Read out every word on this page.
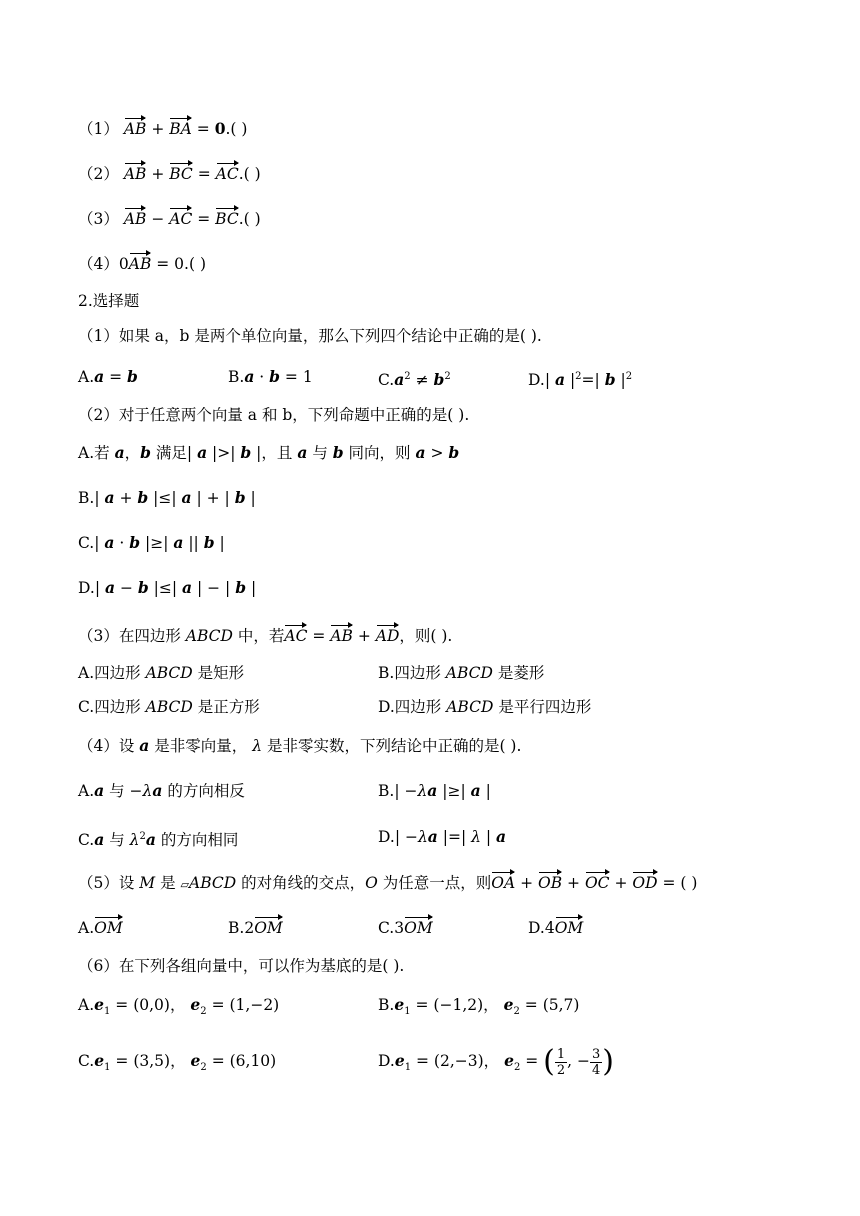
（1） AB + BA = 0.( )
（2） AB + BC = AC.( )
（3） AB − AC = BC.( )
（4）0AB = 0.( )
2.选择题
（1）如果 a，b 是两个单位向量，那么下列四个结论中正确的是( ).
A.a = b	B.a · b = 1	$C.a^2 \ne b^2$	D.| a $|^2=|$ b $|^2$
（2）对于任意两个向量 a 和 b，下列命题中正确的是( ).
A.若 a，b 满足| a |>| b |，且 a 与 b 同向，则 a > b
B.| a + b |≤| a | + | b |
C.| a · b |≥| a || b |
D.| a − b |≤| a | − | b |
（3）在四边形 ABCD 中，若AC = AB + AD，则( ).
A.四边形 ABCD 是矩形	B.四边形 ABCD 是菱形
C.四边形 ABCD 是正方形	D.四边形 ABCD 是平行四边形
（4）设 a 是非零向量， λ 是非零实数，下列结论中正确的是( ).
A.a 与 −λa 的方向相反	B.| −λa |≥| a |
C.a 与 $\lambda^2a$ 的方向相同	D.| −λa |=| λ | a
（5）设 M 是 ▱ABCD 的对角线的交点，O 为任意一点，则OA + OB + OC + OD = ( )
A.OM	B.2OM	C.3OM	D.4OM
（6）在下列各组向量中，可以作为基底的是( ).
$A.e_1 = (0,0)$， $e_2 = (1,-2)$	$B.e_1 = (-1,2)$， $e_2 = (5,7)$
$C.e_1 = (3,5)$， $e_2 = (6,10)$	$D.e_1 = (2,-3)$， $e_2$ = ( $\frac{1}{2}$ , − $\frac{3}{4}$ )
